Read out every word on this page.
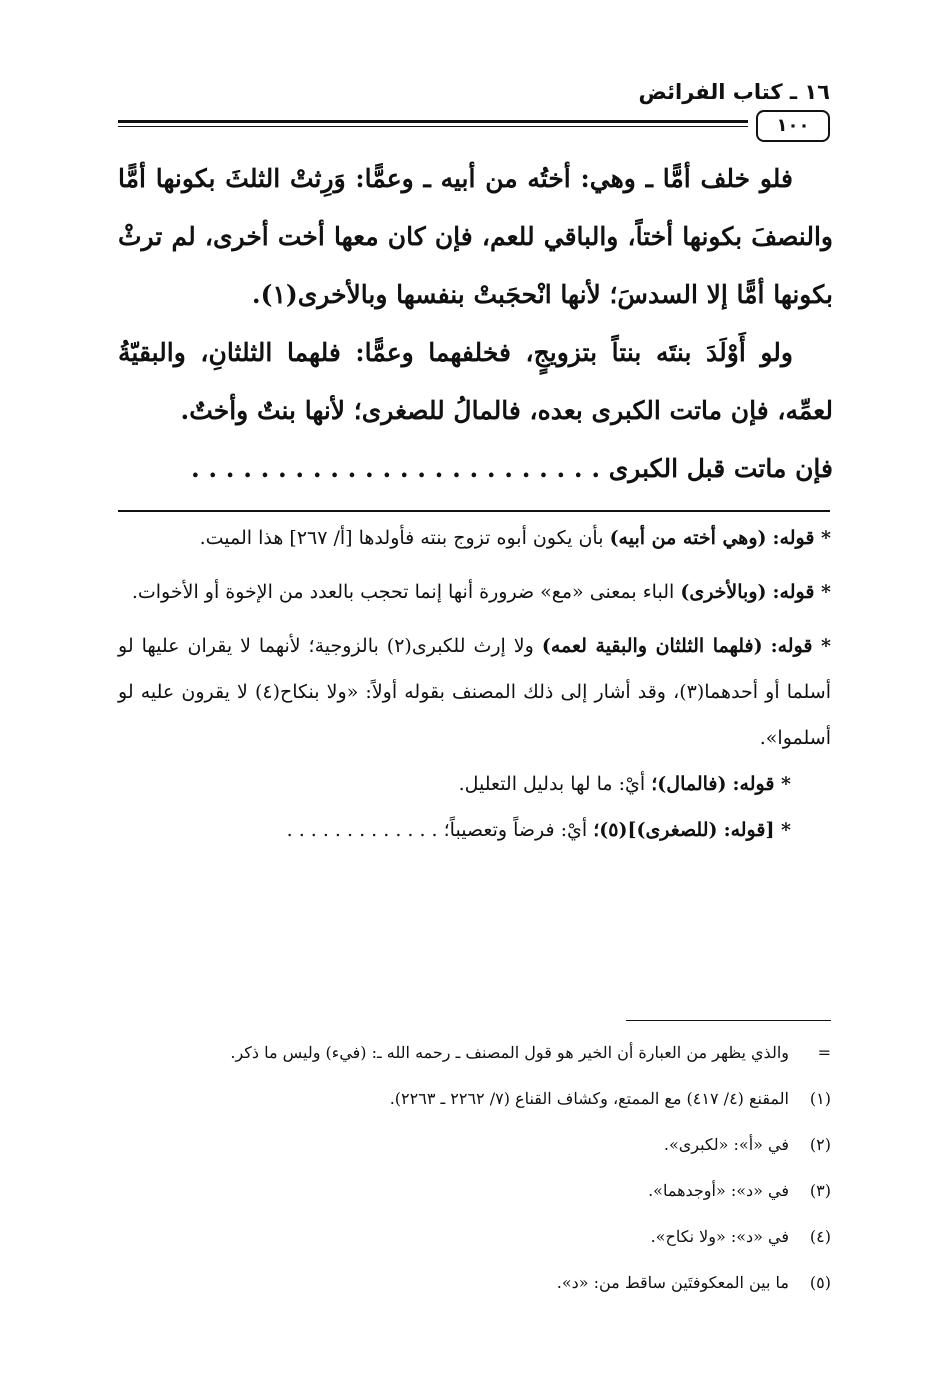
١٦ ـ كتاب الفرائض
١٠٠

فلو خلف أمًّا ـ وهي: أختُه من أبيه ـ وعمًّا: وَرِثتْ الثلثَ بكونها أمًّا والنصفَ بكونها أختاً، والباقي للعم، فإن كان معها أخت أخرى، لم ترثْ بكونها أمًّا إلا السدسَ؛ لأنها انْحجَبتْ بنفسها وبالأخرى(١).

ولو أَوْلَدَ بنتَه بنتاً بتزويجٍ، فخلفهما وعمًّا: فلهما الثلثانِ، والبقيّةُ لعمِّه، فإن ماتت الكبرى بعده، فالمالُ للصغرى؛ لأنها بنتٌ وأختٌ.

فإن ماتت قبل الكبرى . . . . . . . . . . . . . . . . . . . . . . . .

* قوله: (وهي أخته من أبيه) بأن يكون أبوه تزوج بنته فأولدها [أ/ ٢٦٧] هذا الميت.

* قوله: (وبالأخرى) الباء بمعنى «مع» ضرورة أنها إنما تحجب بالعدد من الإخوة أو الأخوات.

* قوله: (فلهما الثلثان والبقية لعمه) ولا إرث للكبرى(٢) بالزوجية؛ لأنهما لا يقران عليها لو أسلما أو أحدهما(٣)، وقد أشار إلى ذلك المصنف بقوله أولاً: «ولا بنكاح(٤) لا يقرون عليه لو أسلموا».

* قوله: (فالمال)؛ أيْ: ما لها بدليل التعليل.

* [قوله: (للصغرى)](٥)؛ أيْ: فرضاً وتعصيباً؛ . . . . . . . . . . . . .

=
والذي يظهر من العبارة أن الخير هو قول المصنف ـ رحمه الله ـ: (فيء) وليس ما ذكر.
(١)
المقنع (٤/ ٤١٧) مع الممتع، وكشاف القناع (٧/ ٢٢٦٢ ـ ٢٢٦٣).
(٢)
في «أ»: «لكبرى».
(٣)
في «د»: «أوجدهما».
(٤)
في «د»: «ولا نكاح».
(٥)
ما بين المعكوفتَين ساقط من: «د».
